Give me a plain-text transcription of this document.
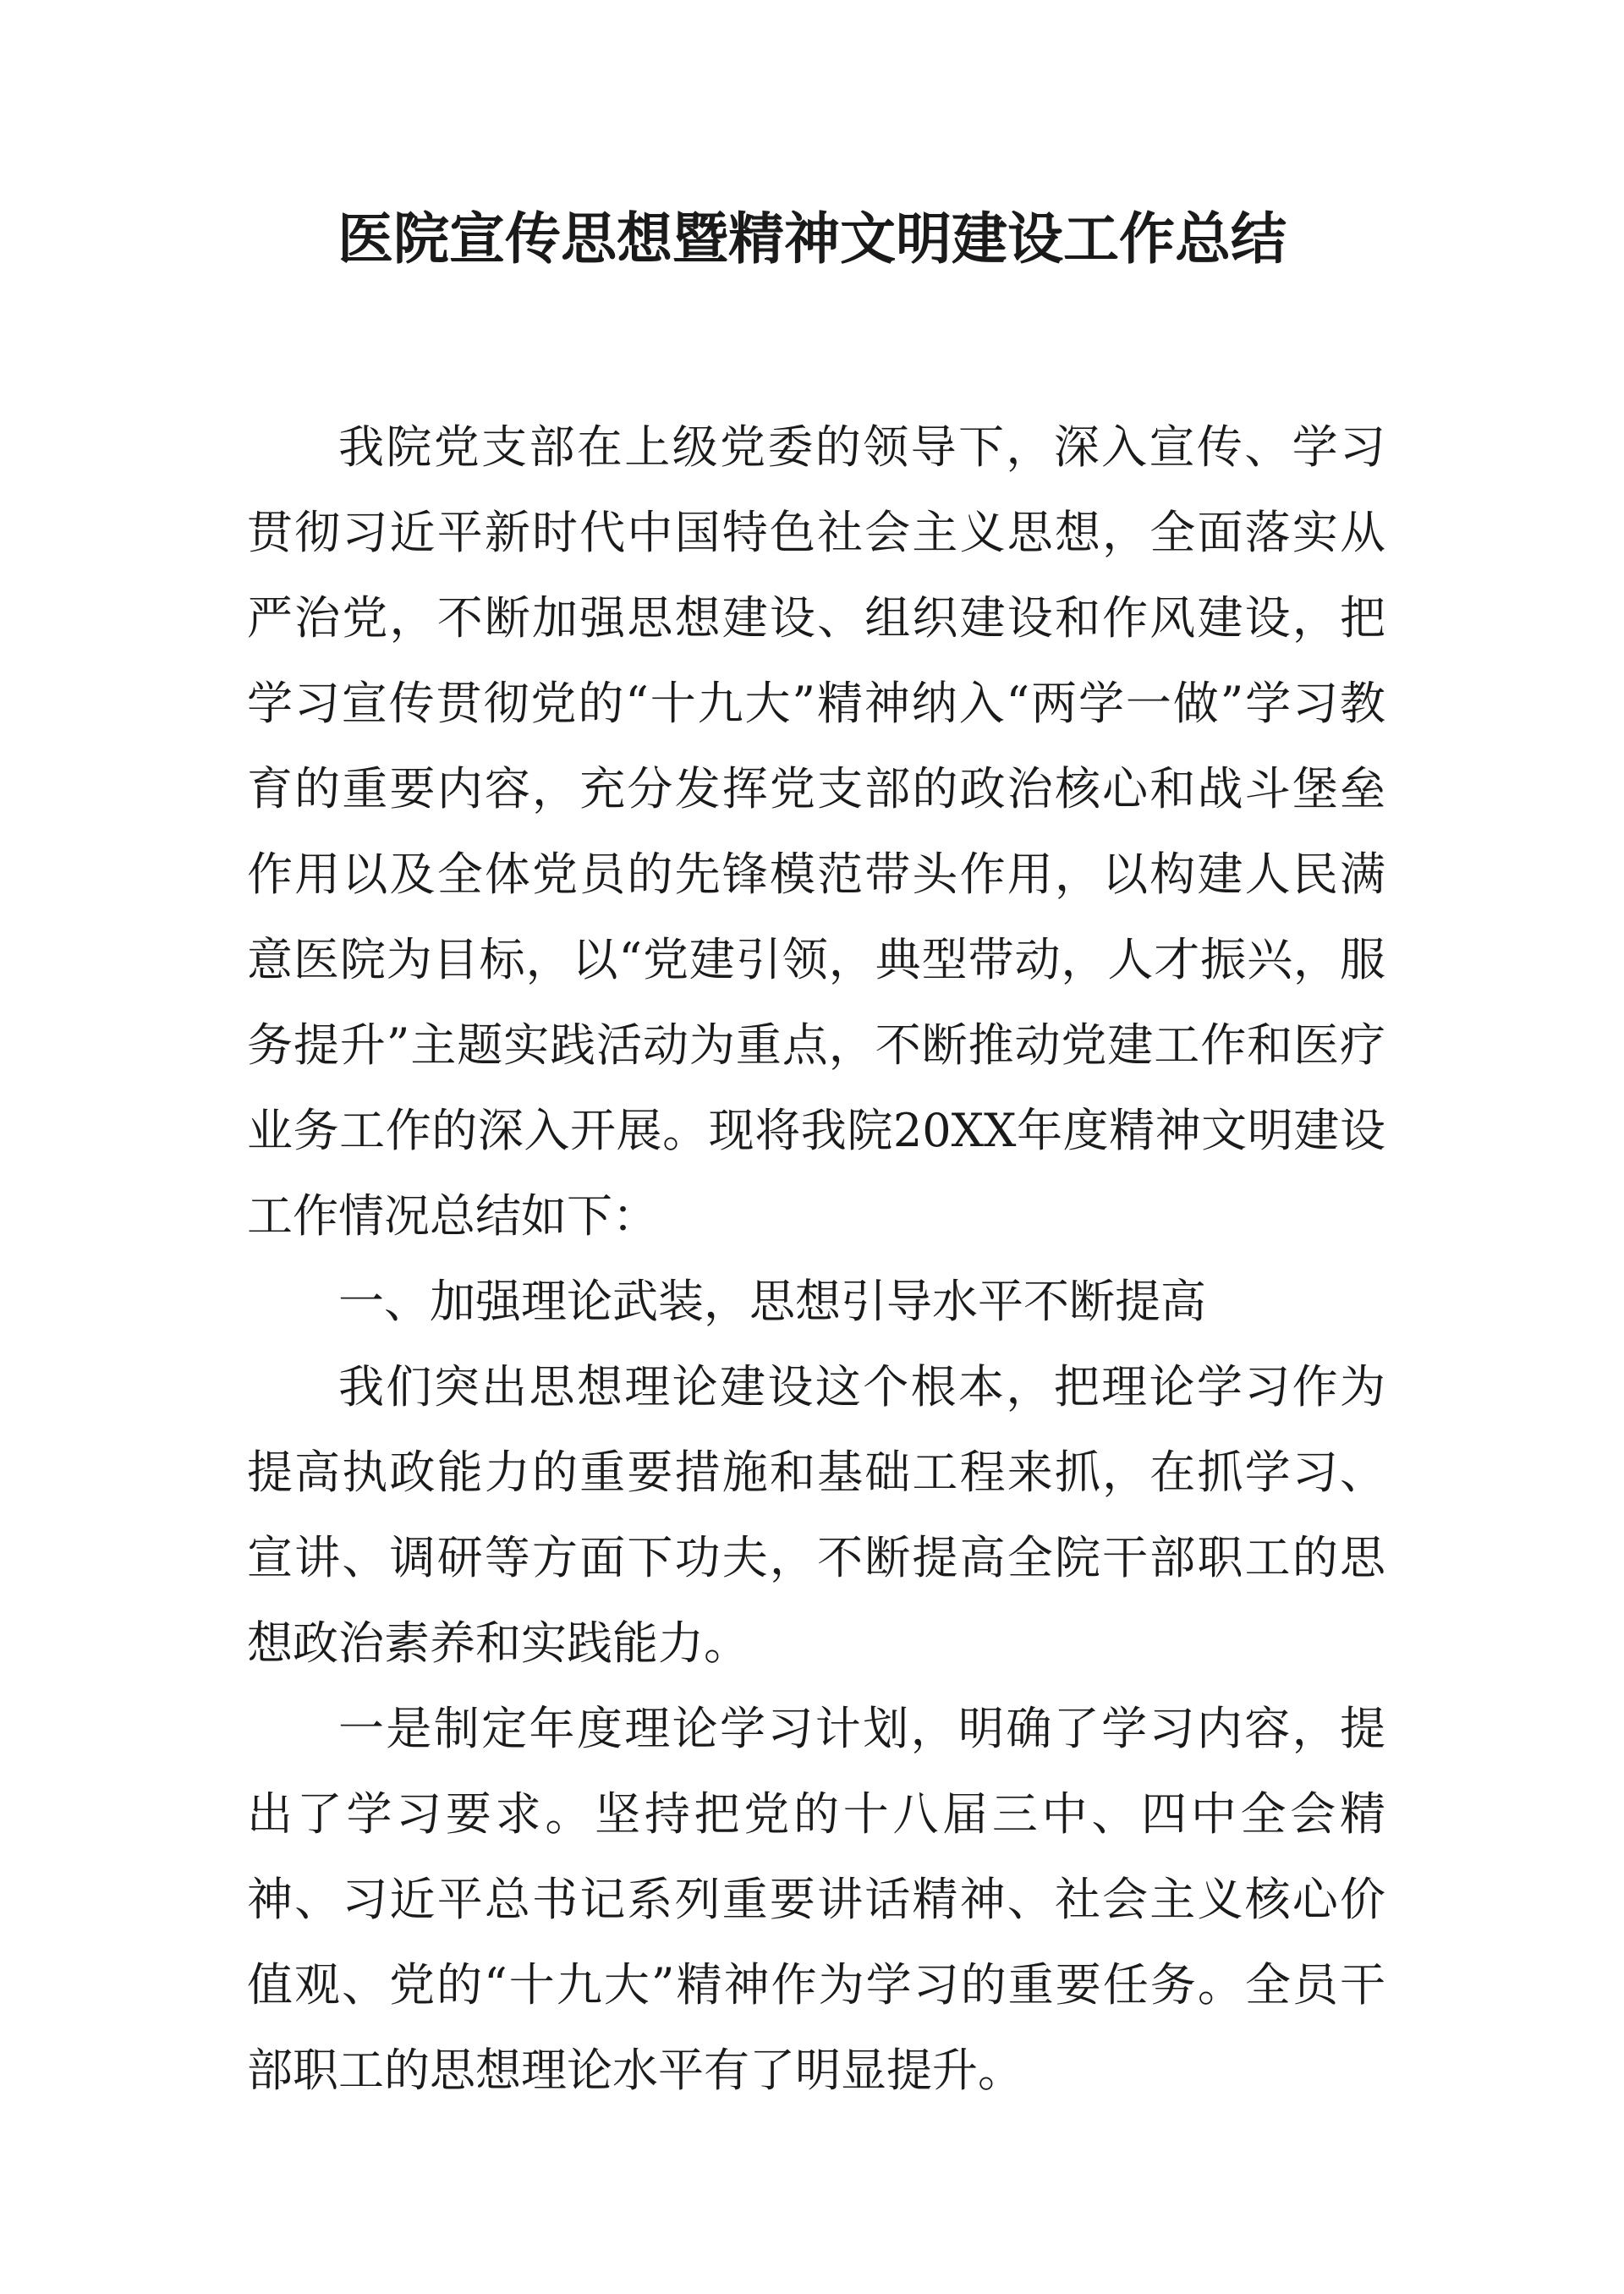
医院宣传思想暨精神文明建设工作总结

我院党支部在上级党委的领导下，深入宣传、学习贯彻习近平新时代中国特色社会主义思想，全面落实从严治党，不断加强思想建设、组织建设和作风建设，把学习宣传贯彻党的“十九大”精神纳入“两学一做”学习教育的重要内容，充分发挥党支部的政治核心和战斗堡垒作用以及全体党员的先锋模范带头作用，以构建人民满意医院为目标，以“党建引领，典型带动，人才振兴，服务提升”主题实践活动为重点，不断推动党建工作和医疗业务工作的深入开展。现将我院20XX年度精神文明建设工作情况总结如下：

一、加强理论武装，思想引导水平不断提高

我们突出思想理论建设这个根本，把理论学习作为提高执政能力的重要措施和基础工程来抓，在抓学习、宣讲、调研等方面下功夫，不断提高全院干部职工的思想政治素养和实践能力。

一是制定年度理论学习计划，明确了学习内容，提出了学习要求。坚持把党的十八届三中、四中全会精神、习近平总书记系列重要讲话精神、社会主义核心价值观、党的“十九大”精神作为学习的重要任务。全员干部职工的思想理论水平有了明显提升。
